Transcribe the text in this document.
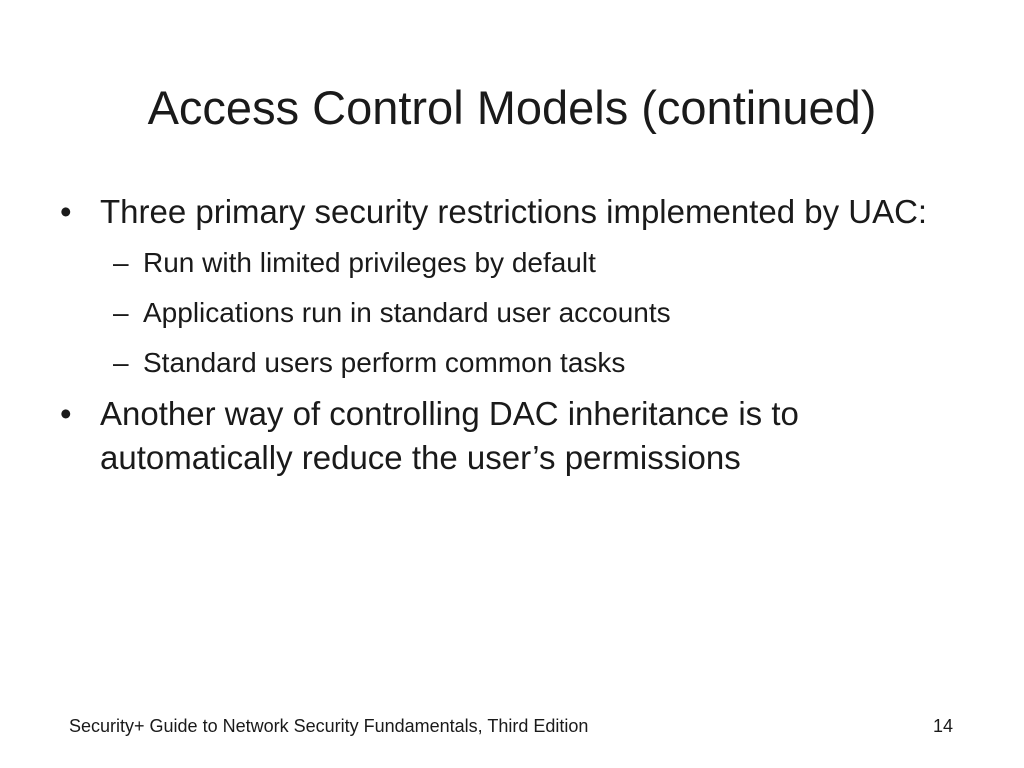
Access Control Models (continued)
• Three primary security restrictions implemented by UAC:
– Run with limited privileges by default
– Applications run in standard user accounts
– Standard users perform common tasks
• Another way of controlling DAC inheritance is to automatically reduce the user’s permissions
Security+ Guide to Network Security Fundamentals, Third Edition	14
